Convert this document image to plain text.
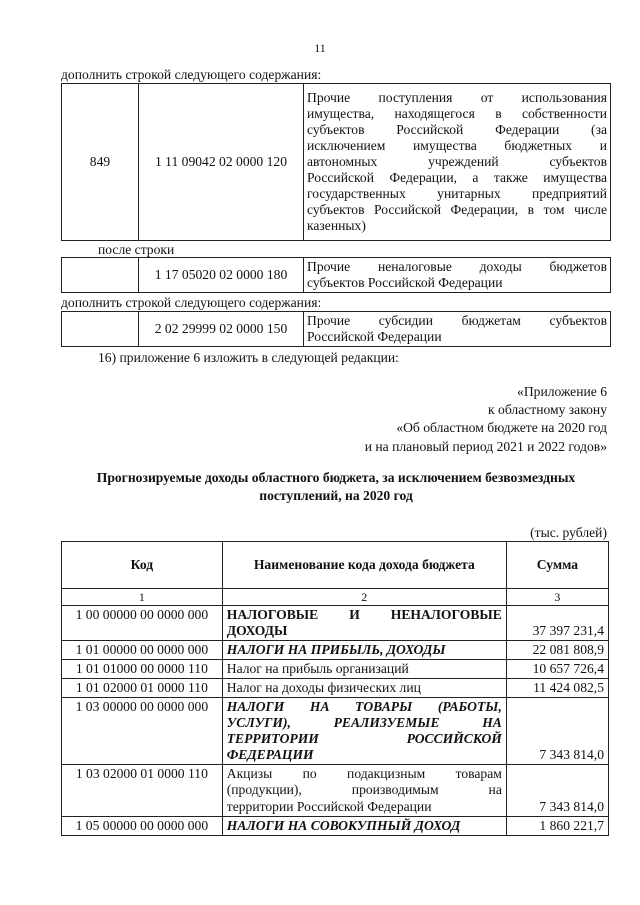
11
дополнить строкой следующего содержания:
849	1 11 09042 02 0000 120	
Прочие поступления от использования
имущества, находящегося в собственности
субъектов Российской Федерации (за
исключением имущества бюджетных и
автономных учреждений субъектов
Российской Федерации, а также имущества
государственных унитарных предприятий
субъектов Российской Федерации, в том числе
казенных)
после строки
	1 17 05020 02 0000 180	
Прочие неналоговые доходы бюджетов
субъектов Российской Федерации
дополнить строкой следующего содержания:
	2 02 29999 02 0000 150	
Прочие субсидии бюджетам субъектов
Российской Федерации
16) приложение 6 изложить в следующей редакции:
«Приложение 6
к областному закону
«Об областном бюджете на 2020 год
и на плановый период 2021 и 2022 годов»
Прогнозируемые доходы областного бюджета, за исключением безвозмездных
поступлений, на 2020 год
(тыс. рублей)
Код	Наименование кода дохода бюджета	Сумма
1	2	3
1 00 00000 00 0000 000	НАЛОГОВЫЕ И НЕНАЛОГОВЫЕ
ДОХОДЫ	37 397 231,4
1 01 00000 00 0000 000	НАЛОГИ НА ПРИБЫЛЬ, ДОХОДЫ	22 081 808,9
1 01 01000 00 0000 110	Налог на прибыль организаций	10 657 726,4
1 01 02000 01 0000 110	Налог на доходы физических лиц	11 424 082,5
1 03 00000 00 0000 000	НАЛОГИ НА ТОВАРЫ (РАБОТЫ,
УСЛУГИ), РЕАЛИЗУЕМЫЕ НА
ТЕРРИТОРИИ РОССИЙСКОЙ
ФЕДЕРАЦИИ	7 343 814,0
1 03 02000 01 0000 110	Акцизы по подакцизным товарам
(продукции), производимым на
территории Российской Федерации	7 343 814,0
1 05 00000 00 0000 000	НАЛОГИ НА СОВОКУПНЫЙ ДОХОД	1 860 221,7
